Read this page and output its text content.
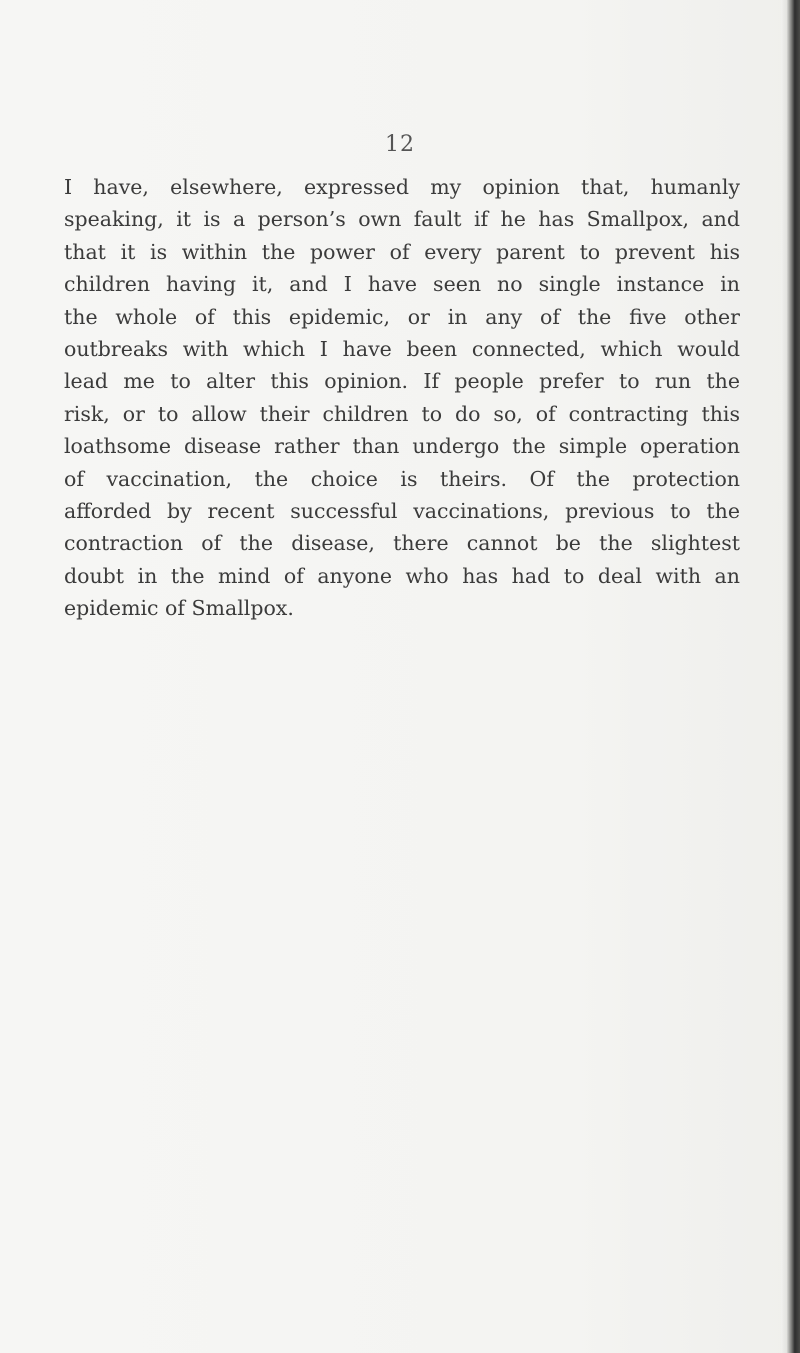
12

I have, elsewhere, expressed my opinion that, humanly
speaking, it is a person’s own fault if he has Smallpox, and
that it is within the power of every parent to prevent his
children having it, and I have seen no single instance in
the whole of this epidemic, or in any of the five other
outbreaks with which I have been connected, which would
lead me to alter this opinion. If people prefer to run the
risk, or to allow their children to do so, of contracting this
loathsome disease rather than undergo the simple operation
of vaccination, the choice is theirs. Of the protection
afforded by recent successful vaccinations, previous to the
contraction of the disease, there cannot be the slightest
doubt in the mind of anyone who has had to deal with an
epidemic of Smallpox.
